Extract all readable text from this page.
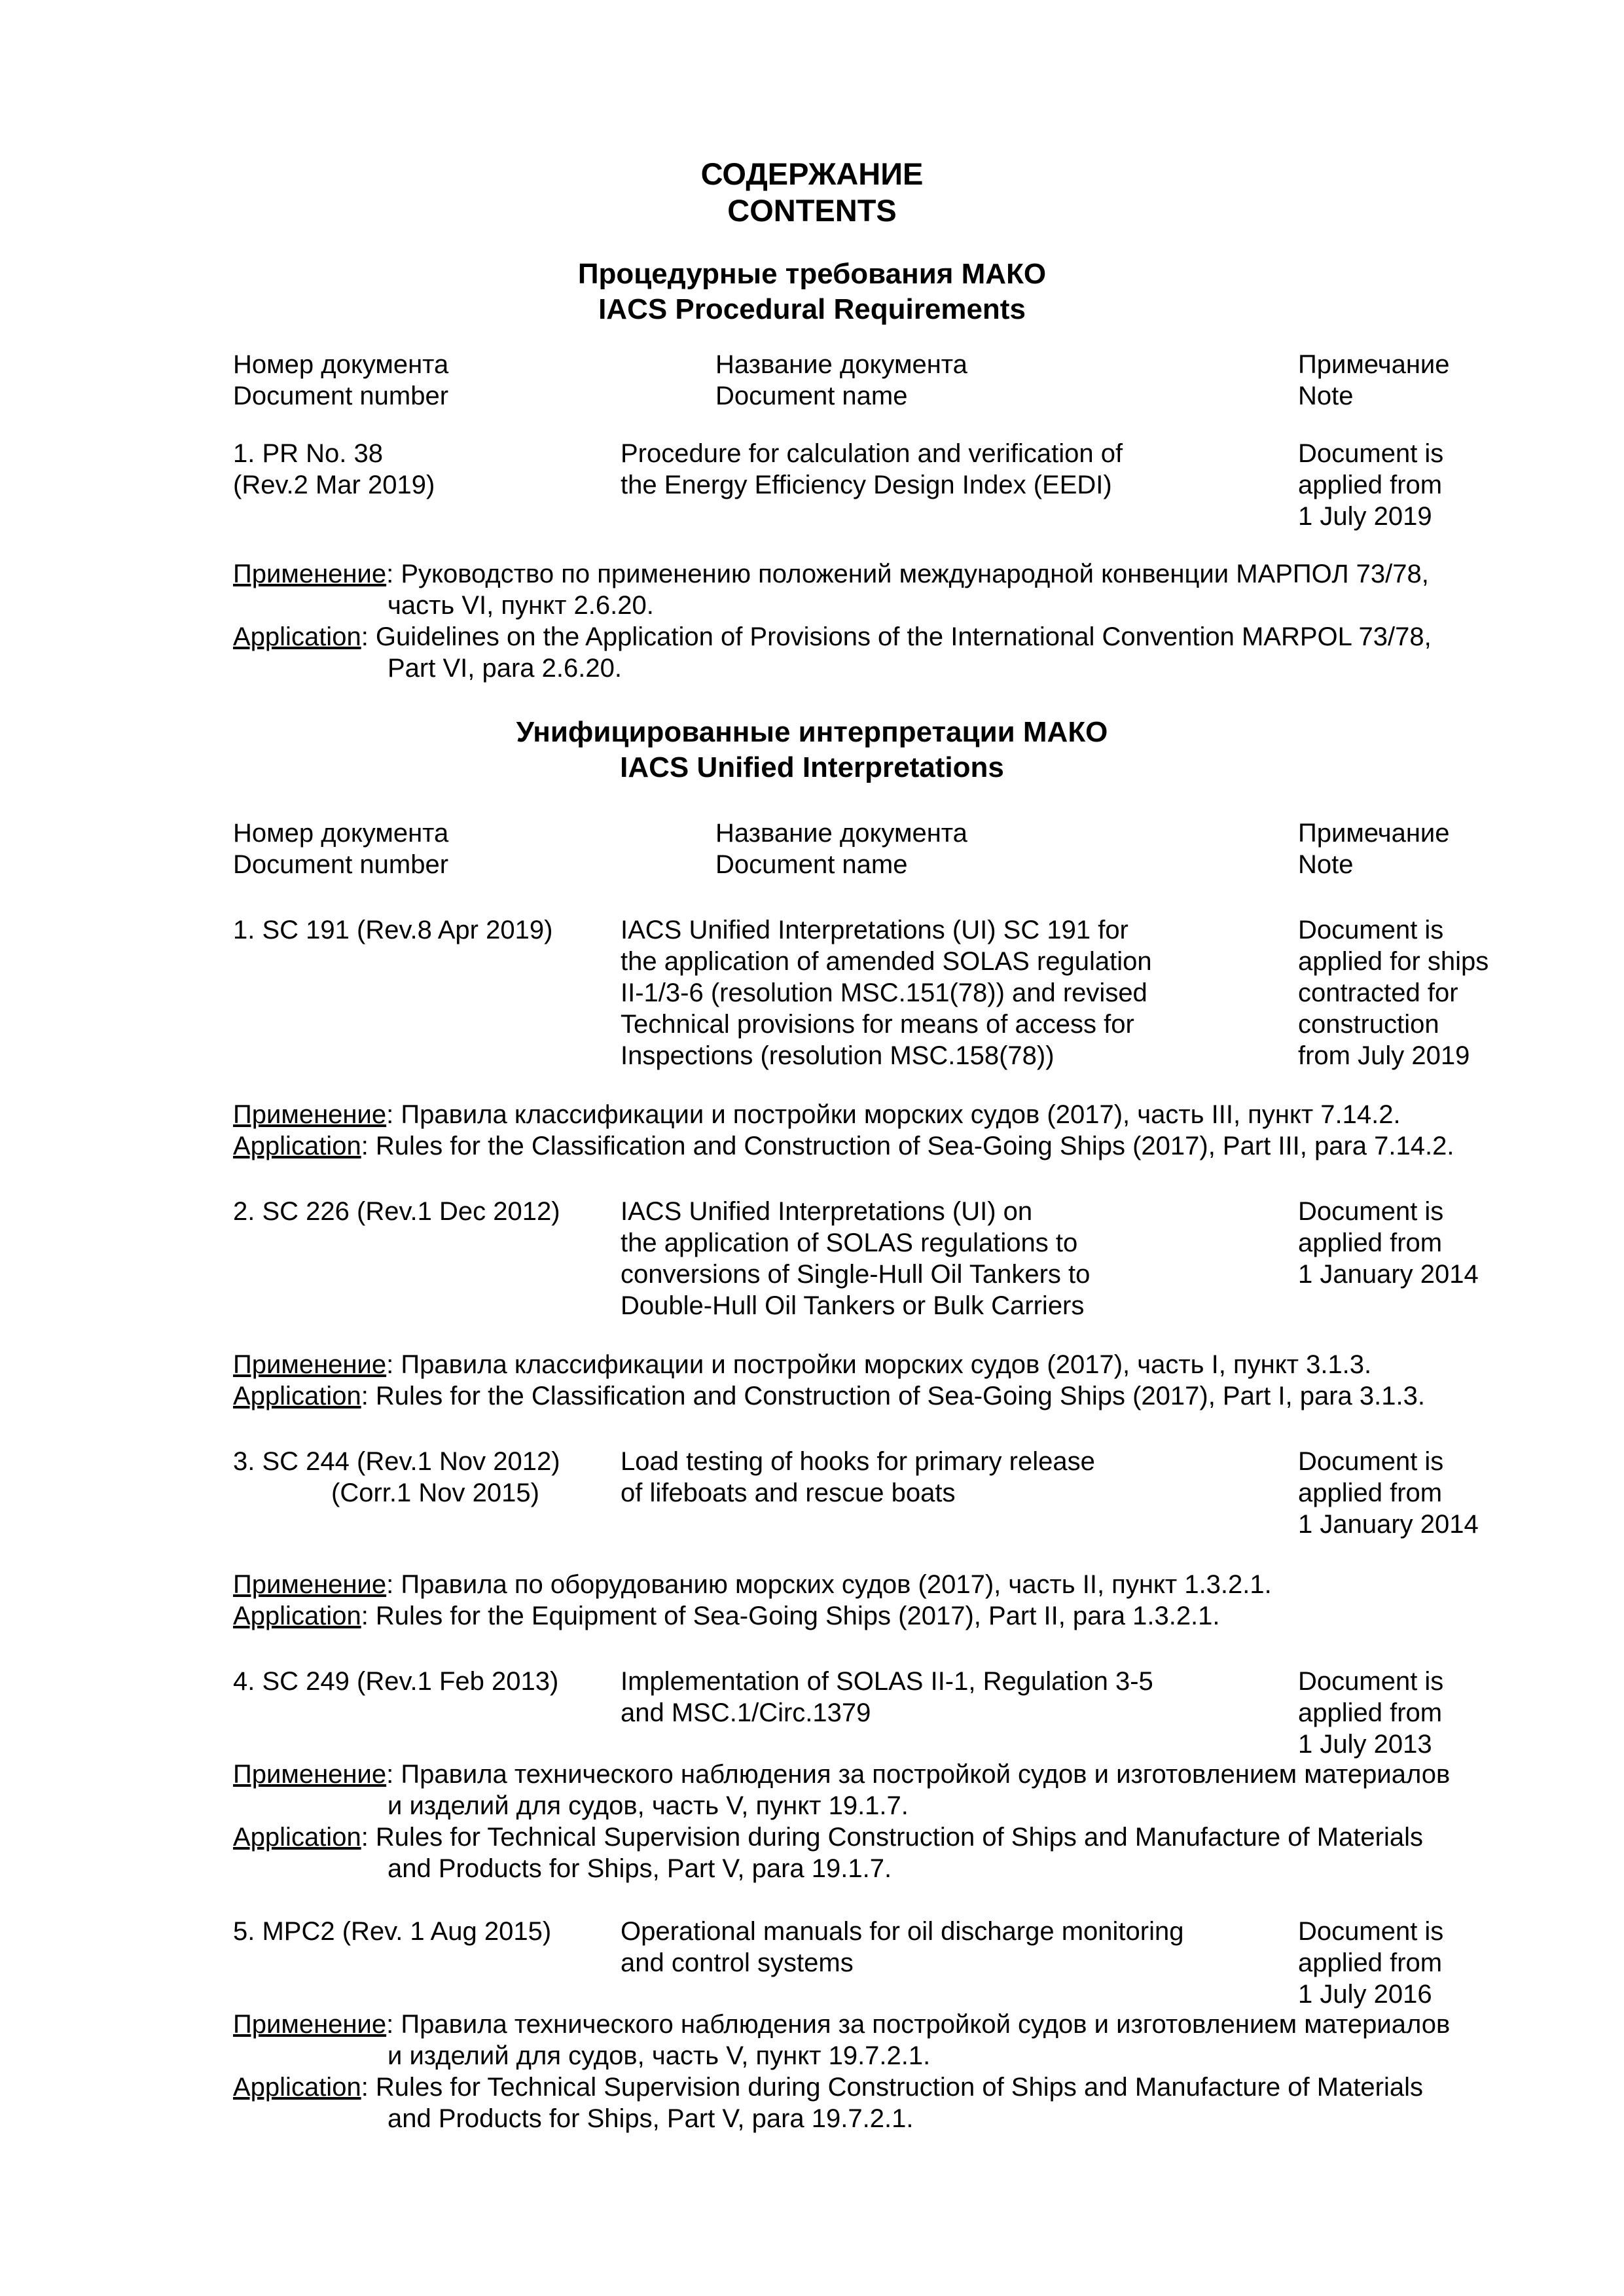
СОДЕРЖАНИЕ
CONTENTS
Процедурные требования МАКО
IACS Procedural Requirements
Номер документа
Document number
Название документа
Document name
Примечание
Note
1. PR No. 38
(Rev.2 Mar 2019)
Procedure for calculation and verification of
the Energy Efficiency Design Index (EEDI)
Document is
applied from
1 July 2019
Применение: Руководство по применению положений международной конвенции МАРПОЛ 73/78,
часть VI, пункт 2.6.20.
Application: Guidelines on the Application of Provisions of the International Convention MARPOL 73/78,
Part VI, para 2.6.20.
Унифицированные интерпретации МАКО
IACS Unified Interpretations
Номер документа
Document number
Название документа
Document name
Примечание
Note
1. SC 191 (Rev.8 Apr 2019)	IACS Unified Interpretations (UI) SC 191 for
the application of amended SOLAS regulation
II-1/3-6 (resolution MSC.151(78)) and revised
Technical provisions for means of access for
Inspections (resolution MSC.158(78))
Document is
applied for ships
contracted for
construction
from July 2019
Применение: Правила классификации и постройки морских судов (2017), часть III, пункт 7.14.2.
Application: Rules for the Classification and Construction of Sea-Going Ships (2017), Part III, para 7.14.2.
2. SC 226 (Rev.1 Dec 2012) IACS Unified Interpretations (UI) on
the application of SOLAS regulations to
conversions of Single-Hull Oil Tankers to
Double-Hull Oil Tankers or Bulk Carriers
Document is
applied from
1 January 2014
Применение: Правила классификации и постройки морских судов (2017), часть I, пункт 3.1.3.
Application: Rules for the Classification and Construction of Sea-Going Ships (2017), Part I, para 3.1.3.
3. SC 244 (Rev.1 Nov 2012)
(Corr.1 Nov 2015)
Load testing of hooks for primary release
of lifeboats and rescue boats
Document is
applied from
1 January 2014
Применение: Правила по оборудованию морских судов (2017), часть II, пункт 1.3.2.1.
Application: Rules for the Equipment of Sea-Going Ships (2017), Part II, para 1.3.2.1.
4. SC 249 (Rev.1 Feb 2013) Implementation of SOLAS II-1, Regulation 3-5
and MSC.1/Circ.1379
Document is
applied from
1 July 2013
Применение: Правила технического наблюдения за постройкой судов и изготовлением материалов
и изделий для судов, часть V, пункт 19.1.7.
Application: Rules for Technical Supervision during Construction of Ships and Manufacture of Materials
and Products for Ships, Part V, para 19.1.7.
5. MPC2 (Rev. 1 Aug 2015)	Operational manuals for oil discharge monitoring
and control systems
Document is
applied from
1 July 2016
Применение: Правила технического наблюдения за постройкой судов и изготовлением материалов
и изделий для судов, часть V, пункт 19.7.2.1.
Application: Rules for Technical Supervision during Construction of Ships and Manufacture of Materials
and Products for Ships, Part V, para 19.7.2.1.
